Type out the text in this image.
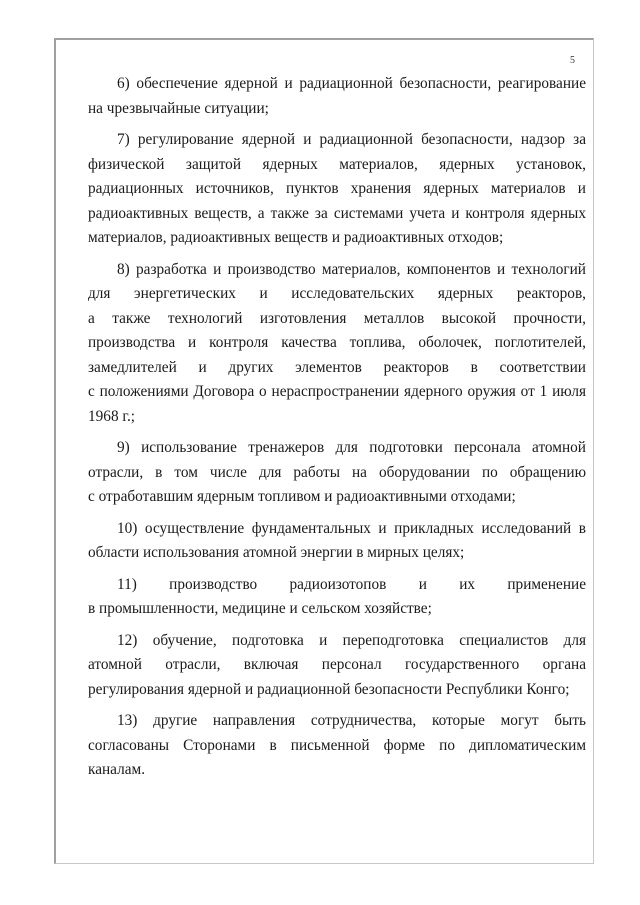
5

6) обеспечение ядерной и радиационной безопасности, реагирование
на чрезвычайные ситуации;

7) регулирование ядерной и радиационной безопасности, надзор за
физической защитой ядерных материалов, ядерных установок,
радиационных источников, пунктов хранения ядерных материалов и
радиоактивных веществ, а также за системами учета и контроля ядерных
материалов, радиоактивных веществ и радиоактивных отходов;

8) разработка и производство материалов, компонентов и технологий
для энергетических и исследовательских ядерных реакторов,
а также технологий изготовления металлов высокой прочности,
производства и контроля качества топлива, оболочек, поглотителей,
замедлителей и других элементов реакторов в соответствии
с положениями Договора о нераспространении ядерного оружия от 1 июля
1968 г.;

9) использование тренажеров для подготовки персонала атомной
отрасли, в том числе для работы на оборудовании по обращению
с отработавшим ядерным топливом и радиоактивными отходами;

10) осуществление фундаментальных и прикладных исследований в
области использования атомной энергии в мирных целях;

11) производство радиоизотопов и их применение
в промышленности, медицине и сельском хозяйстве;

12) обучение, подготовка и переподготовка специалистов для
атомной отрасли, включая персонал государственного органа
регулирования ядерной и радиационной безопасности Республики Конго;

13) другие направления сотрудничества, которые могут быть
согласованы Сторонами в письменной форме по дипломатическим
каналам.
